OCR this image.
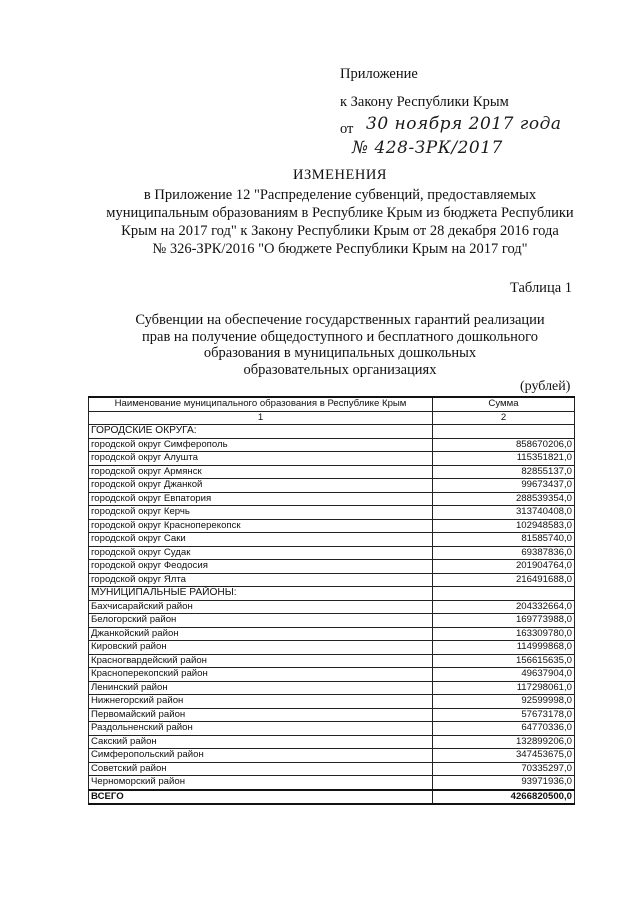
Приложение
к Закону Республики Крым
от 30 ноября 2017 года
№ 428-ЗРК/2017
ИЗМЕНЕНИЯ
в Приложение 12 "Распределение субвенций, предоставляемых
муниципальным образованиям в Республике Крым из бюджета Республики
Крым на 2017 год" к Закону Республики Крым от 28 декабря 2016 года
№ 326-ЗРК/2016 "О бюджете Республики Крым на 2017 год"
Таблица 1
Субвенции на обеспечение государственных гарантий реализации
прав на получение общедоступного и бесплатного дошкольного
образования в муниципальных дошкольных
образовательных организациях
(рублей)
Наименование муниципального образования в Республике Крым	Сумма
1	2
ГОРОДСКИЕ ОКРУГА:	
городской округ Симферополь	858670206,0
городской округ Алушта	115351821,0
городской округ Армянск	82855137,0
городской округ Джанкой	99673437,0
городской округ Евпатория	288539354,0
городской округ Керчь	313740408,0
городской округ Красноперекопск	102948583,0
городской округ Саки	81585740,0
городской округ Судак	69387836,0
городской округ Феодосия	201904764,0
городской округ Ялта	216491688,0
МУНИЦИПАЛЬНЫЕ РАЙОНЫ:	
Бахчисарайский район	204332664,0
Белогорский район	169773988,0
Джанкойский район	163309780,0
Кировский район	114999868,0
Красногвардейский район	156615635,0
Красноперекопский район	49637904,0
Ленинский район	117298061,0
Нижнегорский район	92599998,0
Первомайский район	57673178,0
Раздольненский район	64770336,0
Сакский район	132899206,0
Симферопольский район	347453675,0
Советский район	70335297,0
Черноморский район	93971936,0
ВСЕГО	4266820500,0
